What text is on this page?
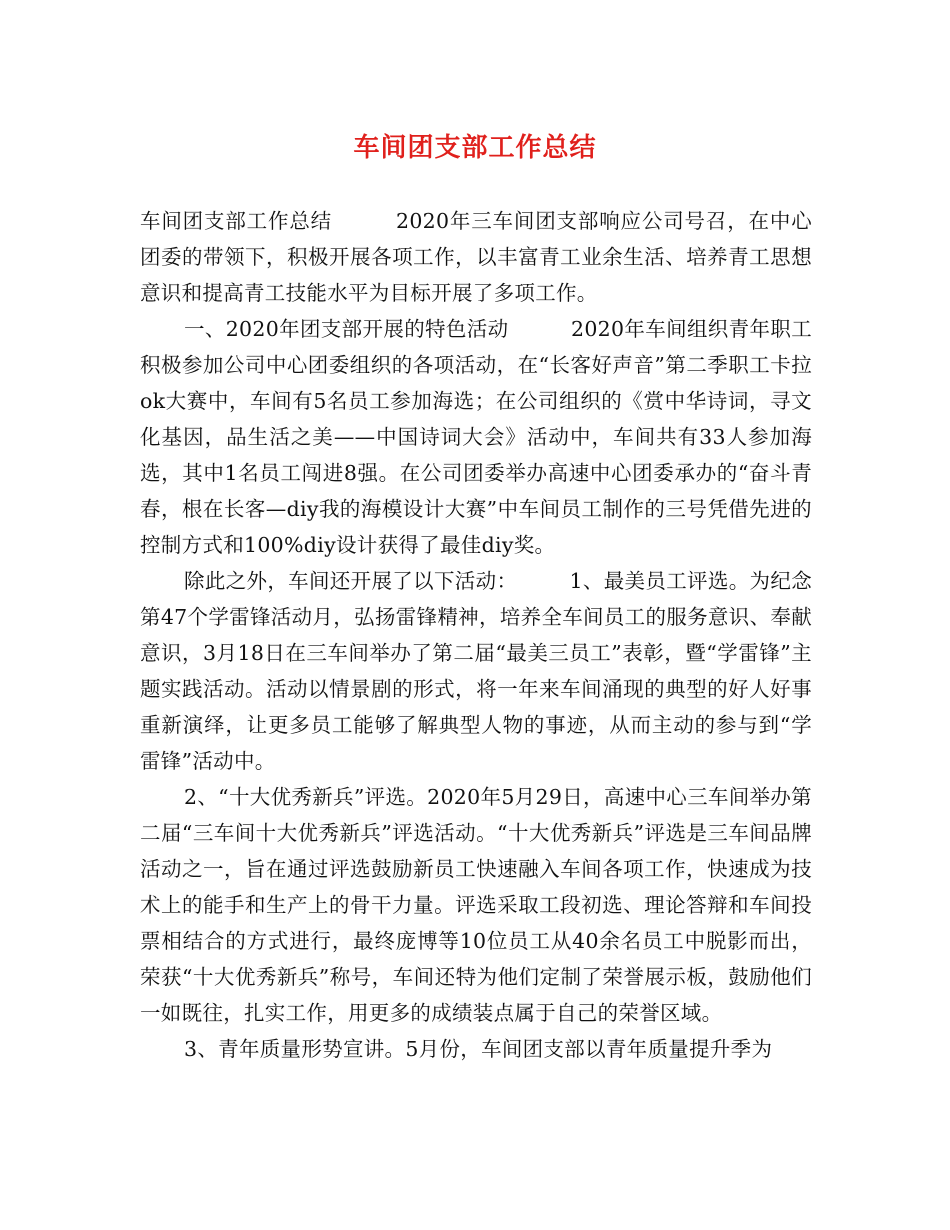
车间团支部工作总结

车间团支部工作总结　　　2020年三车间团支部响应公司号召，在中心团委的带领下，积极开展各项工作，以丰富青工业余生活、培养青工思想意识和提高青工技能水平为目标开展了多项工作。

一、2020年团支部开展的特色活动　　　2020年车间组织青年职工积极参加公司中心团委组织的各项活动，在“长客好声音”第二季职工卡拉ok大赛中，车间有5名员工参加海选；在公司组织的《赏中华诗词，寻文化基因，品生活之美——中国诗词大会》活动中，车间共有33人参加海选，其中1名员工闯进8强。在公司团委举办高速中心团委承办的“奋斗青春，根在长客—diy我的海模设计大赛”中车间员工制作的三号凭借先进的控制方式和100%diy设计获得了最佳diy奖。

除此之外，车间还开展了以下活动：　　　1、最美员工评选。为纪念第47个学雷锋活动月，弘扬雷锋精神，培养全车间员工的服务意识、奉献意识，3月18日在三车间举办了第二届“最美三员工”表彰，暨“学雷锋”主题实践活动。活动以情景剧的形式，将一年来车间涌现的典型的好人好事重新演绎，让更多员工能够了解典型人物的事迹，从而主动的参与到“学雷锋”活动中。

2、“十大优秀新兵”评选。2020年5月29日，高速中心三车间举办第二届“三车间十大优秀新兵”评选活动。“十大优秀新兵”评选是三车间品牌活动之一，旨在通过评选鼓励新员工快速融入车间各项工作，快速成为技术上的能手和生产上的骨干力量。评选采取工段初选、理论答辩和车间投票相结合的方式进行，最终庞博等10位员工从40余名员工中脱影而出，荣获“十大优秀新兵”称号，车间还特为他们定制了荣誉展示板，鼓励他们一如既往，扎实工作，用更多的成绩装点属于自己的荣誉区域。

3、青年质量形势宣讲。5月份，车间团支部以青年质量提升季为
